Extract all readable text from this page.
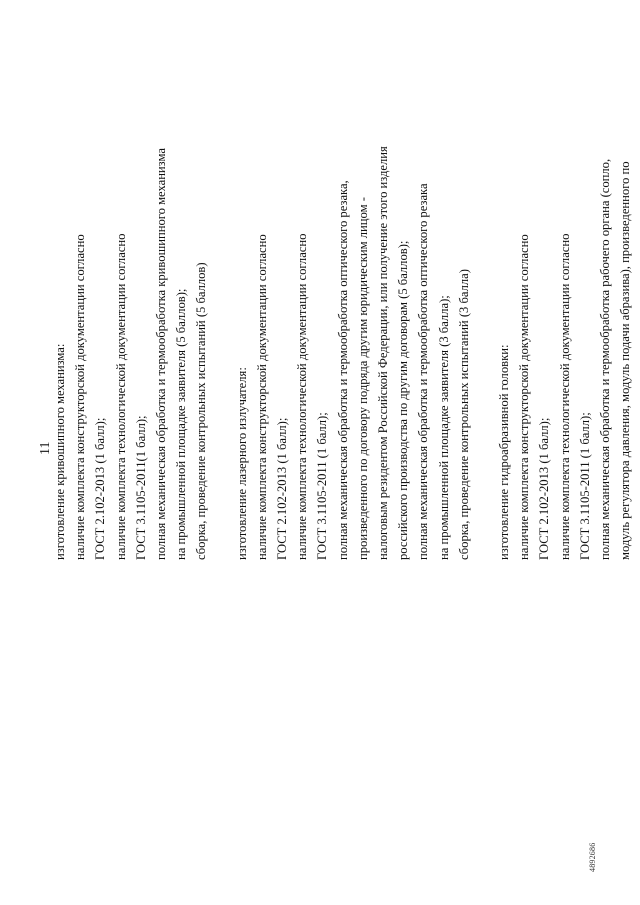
11 изготовление кривошипного механизма: наличие комплекта конструкторской документации согласно ГОСТ 2.102-2013 (1 балл); наличие комплекта технологической документации согласно ГОСТ 3.1105-2011(1 балл); полная механическая обработка и термообработка кривошипного механизма на промышленной площадке заявителя (5 баллов); сборка, проведение контрольных испытаний (5 баллов) изготовление лазерного излучателя: наличие комплекта конструкторской документации согласно ГОСТ 2.102-2013 (1 балл); наличие комплекта технологической документации согласно ГОСТ 3.1105-2011 (1 балл); полная механическая обработка и термообработка оптического резака, произведенного по договору подряда другим юридическим лицом - налоговым резидентом Российской Федерации, или получение этого изделия российского производства по другим договорам (5 баллов); полная механическая обработка и термообработка оптического резака на промышленной площадке заявителя (3 балла); сборка, проведение контрольных испытаний (3 балла) изготовление гидроабразивной головки: наличие комплекта конструкторской документации согласно ГОСТ 2.102-2013 (1 балл); наличие комплекта технологической документации согласно ГОСТ 3.1105-2011 (1 балл); полная механическая обработка и термообработка рабочего органа (сопло, модуль регулятора давления, модуль подачи абразива), произведенного по
4892686
